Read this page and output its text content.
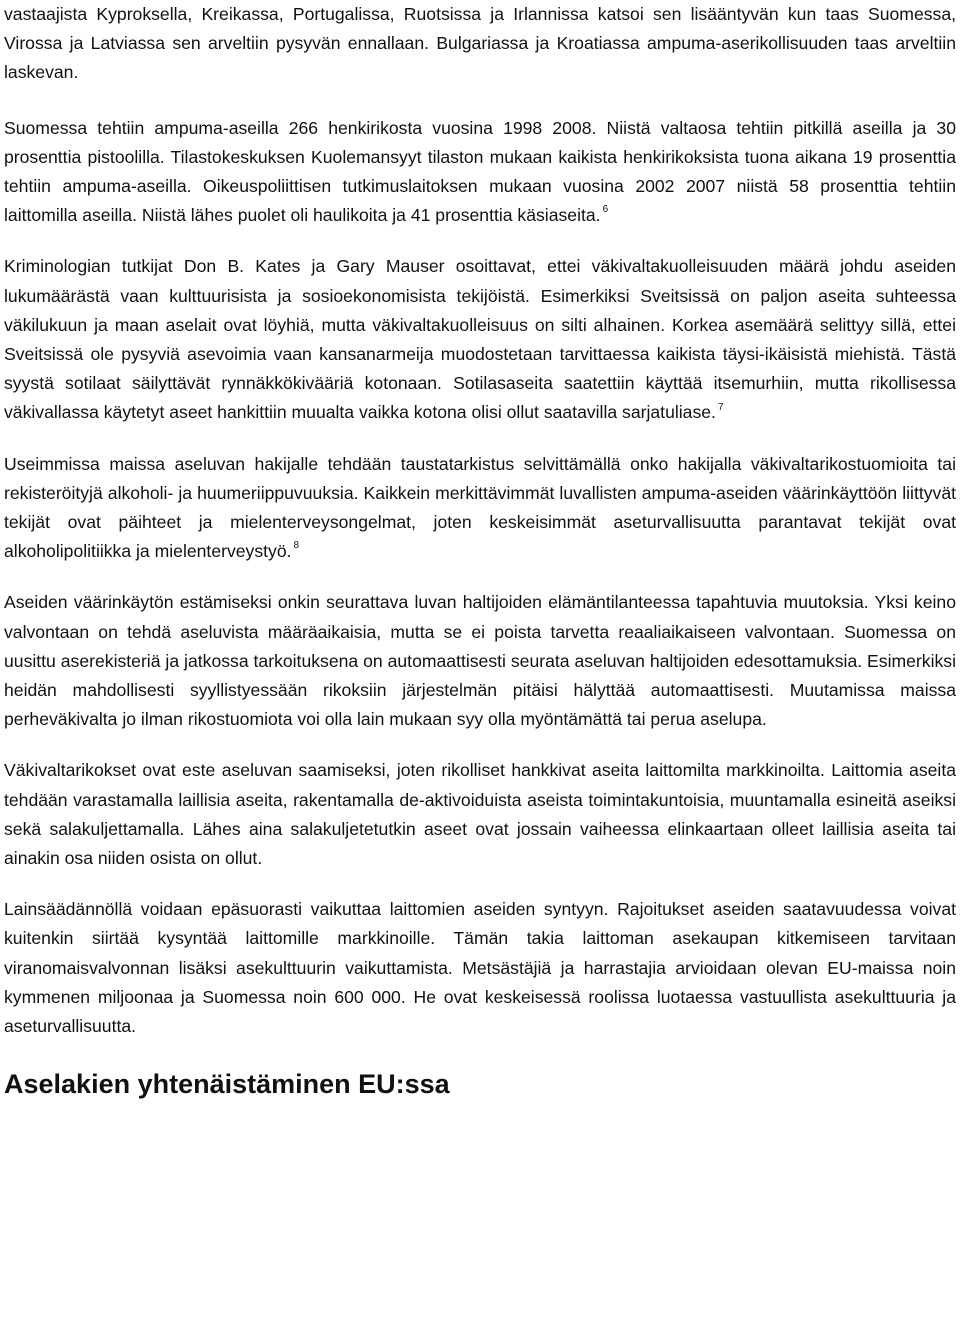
vastaajista Kyproksella, Kreikassa, Portugalissa, Ruotsissa ja Irlannissa katsoi sen lisääntyvän kun taas Suomessa, Virossa ja Latviassa sen arveltiin pysyvän ennallaan. Bulgariassa ja Kroatiassa ampuma-aserikollisuuden taas arveltiin laskevan.

Suomessa tehtiin ampuma-aseilla 266 henkirikosta vuosina 1998 2008. Niistä valtaosa tehtiin pitkillä aseilla ja 30 prosenttia pistoolilla. Tilastokeskuksen Kuolemansyyt tilaston mukaan kaikista henkirikoksista tuona aikana 19 prosenttia tehtiin ampuma-aseilla. Oikeuspoliittisen tutkimuslaitoksen mukaan vuosina 2002 2007 niistä 58 prosenttia tehtiin laittomilla aseilla. Niistä lähes puolet oli haulikoita ja 41 prosenttia käsiaseita. $^6$

Kriminologian tutkijat Don B. Kates ja Gary Mauser osoittavat, ettei väkivaltakuolleisuuden määrä johdu aseiden lukumäärästä vaan kulttuurisista ja sosioekonomisista tekijöistä. Esimerkiksi Sveitsissä on paljon aseita suhteessa väkilukuun ja maan aselait ovat löyhiä, mutta väkivaltakuolleisuus on silti alhainen. Korkea asemäärä selittyy sillä, ettei Sveitsissä ole pysyviä asevoimia vaan kansanarmeija muodostetaan tarvittaessa kaikista täysi-ikäisistä miehistä. Tästä syystä sotilaat säilyttävät rynnäkkökivääriä kotonaan. Sotilasaseita saatettiin käyttää itsemurhiin, mutta rikollisessa väkivallassa käytetyt aseet hankittiin muualta vaikka kotona olisi ollut saatavilla sarjatuliase. $^7$

Useimmissa maissa aseluvan hakijalle tehdään taustatarkistus selvittämällä onko hakijalla väkivaltarikostuomioita tai rekisteröityjä alkoholi- ja huumeriippuvuuksia. Kaikkein merkittävimmät luvallisten ampuma-aseiden väärinkäyttöön liittyvät tekijät ovat päihteet ja mielenterveysongelmat, joten keskeisimmät aseturvallisuutta parantavat tekijät ovat alkoholipolitiikka ja mielenterveystyö. $^8$

Aseiden väärinkäytön estämiseksi onkin seurattava luvan haltijoiden elämäntilanteessa tapahtuvia muutoksia. Yksi keino valvontaan on tehdä aseluvista määräaikaisia, mutta se ei poista tarvetta reaaliaikaiseen valvontaan. Suomessa on uusittu aserekisteriä ja jatkossa tarkoituksena on automaattisesti seurata aseluvan haltijoiden edesottamuksia. Esimerkiksi heidän mahdollisesti syyllistyessään rikoksiin järjestelmän pitäisi hälyttää automaattisesti. Muutamissa maissa perheväkivalta jo ilman rikostuomiota voi olla lain mukaan syy olla myöntämättä tai perua aselupa.

Väkivaltarikokset ovat este aseluvan saamiseksi, joten rikolliset hankkivat aseita laittomilta markkinoilta. Laittomia aseita tehdään varastamalla laillisia aseita, rakentamalla de-aktivoiduista aseista toimintakuntoisia, muuntamalla esineitä aseiksi sekä salakuljettamalla. Lähes aina salakuljetetutkin aseet ovat jossain vaiheessa elinkaartaan olleet laillisia aseita tai ainakin osa niiden osista on ollut.

Lainsäädännöllä voidaan epäsuorasti vaikuttaa laittomien aseiden syntyyn. Rajoitukset aseiden saatavuudessa voivat kuitenkin siirtää kysyntää laittomille markkinoille. Tämän takia laittoman asekaupan kitkemiseen tarvitaan viranomaisvalvonnan lisäksi asekulttuurin vaikuttamista. Metsästäjiä ja harrastajia arvioidaan olevan EU-maissa noin kymmenen miljoonaa ja Suomessa noin 600 000. He ovat keskeisessä roolissa luotaessa vastuullista asekulttuuria ja aseturvallisuutta.

Aselakien yhtenäistäminen EU:ssa
